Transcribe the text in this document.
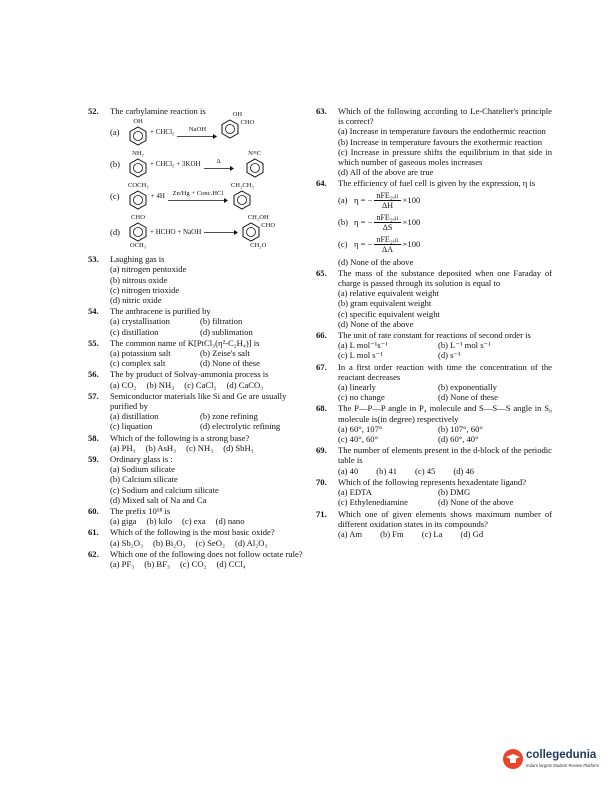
52. The carbylamine reaction is
(a)
OH
+ CHCl₃ NaOH
OH
CHO
(b)
NH₂
+ CHCl₃ + 3KOH Δ
N≡C
(c)
COCH₃
+ 4H Zn/Hg + Conc.HCl
CH₂CH₃
(d)
CHO
OCH₃
+ HCHO + NaOH
CH₂OH
CHO
CH₂O
53. Laughing gas is
(a) nitrogen pentoxide
(b) nitrous oxide
(c) nitrogen trioxide
(d) nitric oxide
54. The anthracene is purified by
(a) crystallisation	(b) filtration
(c) distillation	(d) sublimation
55. The common name of K[PtCl₃(η²-C₂H₄)] is
(a) potassium salt	(b) Zeise's salt
(c) complex salt	(d) None of these
56. The by product of Solvay-ammonia process is
(a) CO₂ (b) NH₃ (c) CaCl₂ (d) CaCO₃
57. Semiconductor materials like Si and Ge are usually purified by
(a) distillation	(b) zone refining
(c) liquation	(d) electrolytic refining
58. Which of the following is a strong base?
(a) PH₃ (b) AsH₃ (c) NH₃ (d) SbH₃
59. Ordinary glass is :
(a) Sodium silicate
(b) Calcium silicate
(c) Sodium and calcium silicate
(d) Mixed salt of Na and Ca
60. The prefix 10¹⁸ is
(a) giga (b) kilo (c) exa (d) nano
61. Which of the following is the most basic oxide?
(a) Sb₂O₃ (b) Bi₂O₃ (c) SeO₂ (d) Al₂O₃
62. Which one of the following does not follow octate rule?
(a) PF₃ (b) BF₃ (c) CO₂ (d) CCl₄
63. Which of the following according to Le-Chatelier's principle is correct?
(a) Increase in temperature favours the endothermic reaction
(b) Increase in temperature favours the exothermic reaction
(c) Increase in pressure shifts the equilibrium in that side in which number of gaseous moles increases
(d) All of the above are true
64. The efficiency of fuel cell is given by the expression, η is
(a) η = − $\frac{\text{nFE₂ₑₗₗ}}{\Delta H} \times 100$
(b) η = − $\frac{\text{nFE₂ₑₗₗ}}{\Delta S} \times 100$
(c) η = − $\frac{\text{nFE₂ₑₗₗ}}{\Delta A} \times 100$
(d) None of the above
65. The mass of the substance deposited when one Faraday of charge is passed through its solution is equal to
(a) relative equivalent weight
(b) gram equivalent weight
(c) specific equivalent weight
(d) None of the above
66. The unit of rate constant for reactions of second order is
(a) L mol⁻¹s⁻¹	(b) L⁻¹ mol s⁻¹
(c) L mol s⁻¹	(d) s⁻¹
67. In a first order reaction with time the concentration of the reactant decreases
(a) linearly	(b) exponentially
(c) no change	(d) None of these
68. The P—P—P angle in P₄ molecule and S—S—S angle in S₈ molecule is(in degree) respectively
(a) 60°, 107°	(b) 107°, 60°
(c) 40°, 60°	(d) 60°, 40°
69. The number of elements present in the d-block of the periodic table is
(a) 40 (b) 41 (c) 45 (d) 46
70. Which of the following represents hexadentate ligand?
(a) EDTA	(b) DMG
(c) Ethylenediamine	(d) None of the above
71. Which one of given elements shows maximum number of different oxidation states in its compounds?
(a) Am (b) Fm (c) La (d) Gd
collegedunia
India's largest Student Review Platform
